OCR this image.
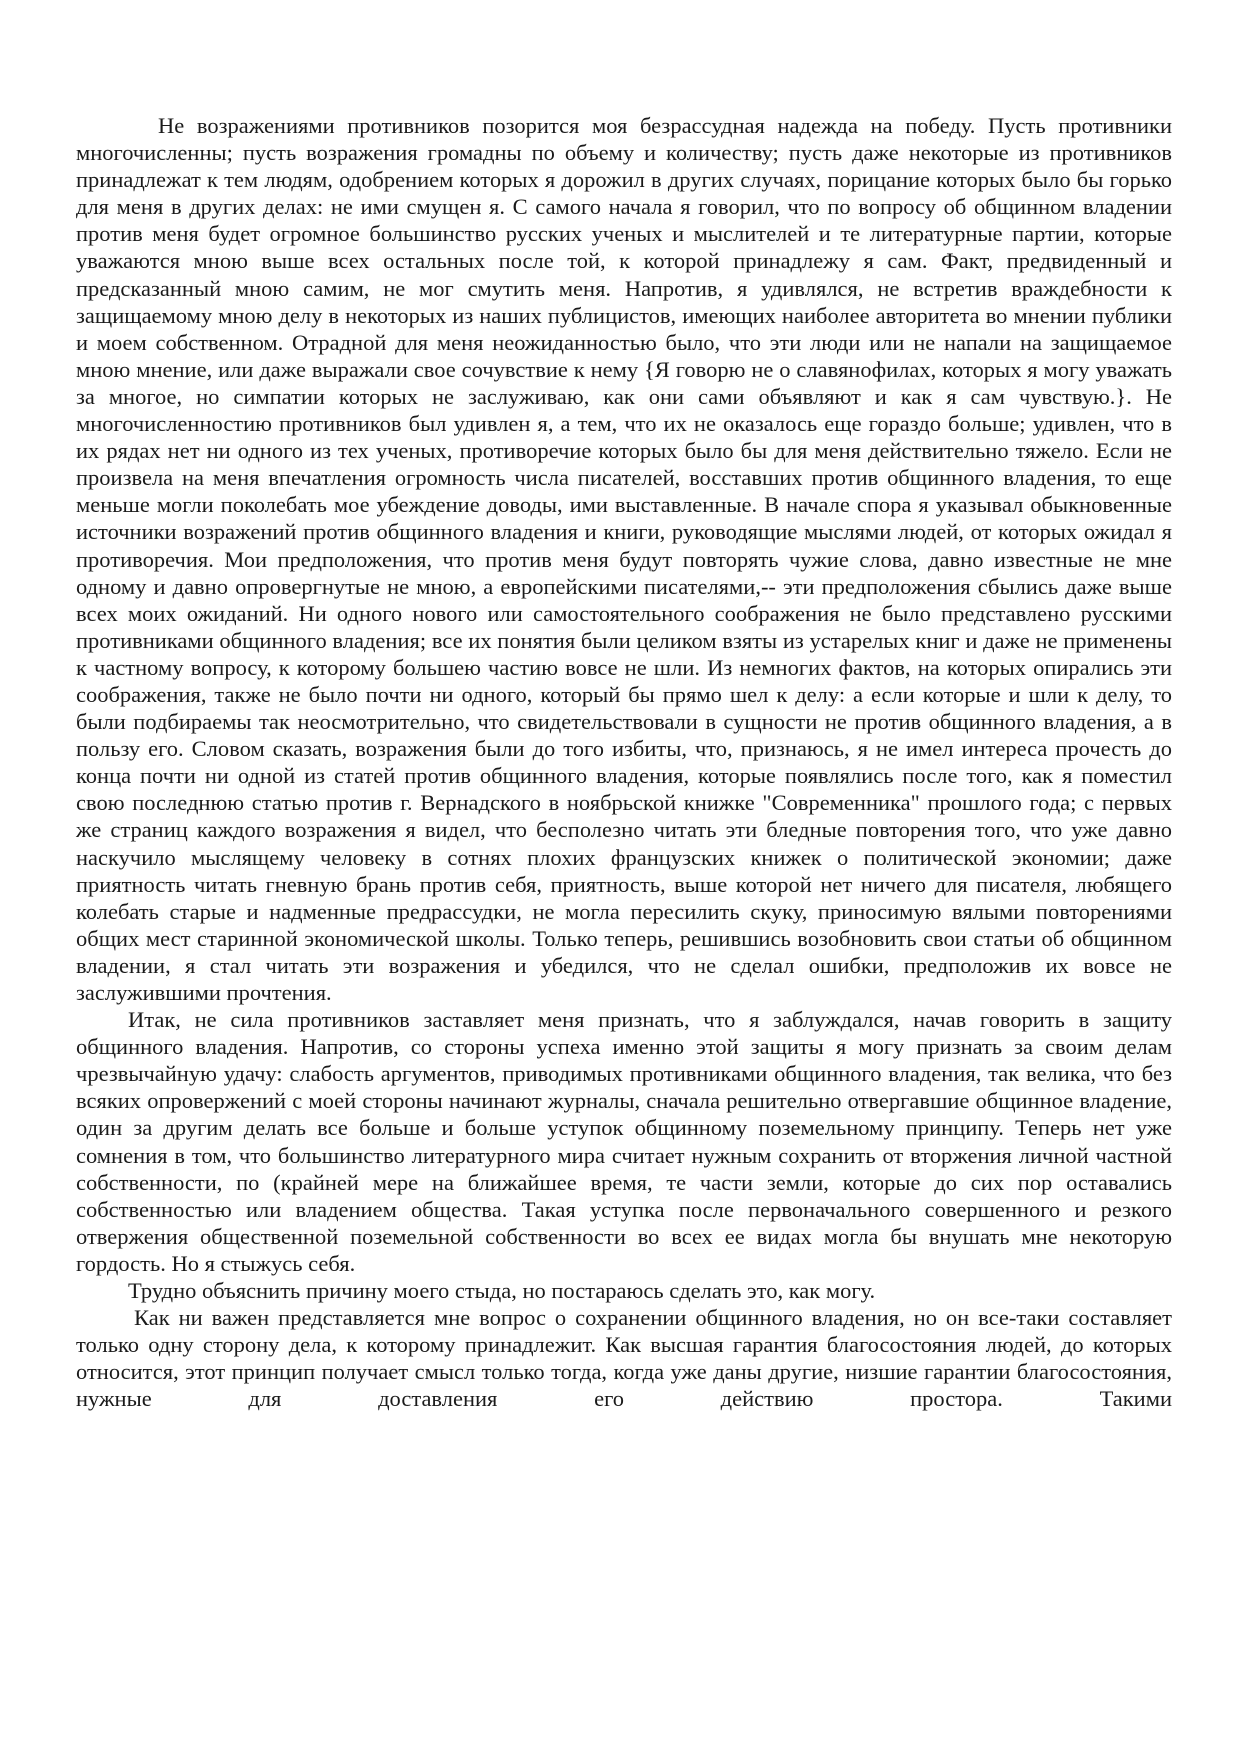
Не возражениями противников позорится моя безрассудная надежда на победу. Пусть противники многочисленны; пусть возражения громадны по объему и количеству; пусть даже некоторые из противников принадлежат к тем людям, одобрением которых я дорожил в других случаях, порицание которых было бы горько для меня в других делах: не ими смущен я. С самого начала я говорил, что по вопросу об общинном владении против меня будет огромное большинство русских ученых и мыслителей и те литературные партии, которые уважаются мною выше всех остальных после той, к которой принадлежу я сам. Факт, предвиденный и предсказанный мною самим, не мог смутить меня. Напротив, я удивлялся, не встретив враждебности к защищаемому мною делу в некоторых из наших публицистов, имеющих наиболее авторитета во мнении публики и моем собственном. Отрадной для меня неожиданностью было, что эти люди или не напали на защищаемое мною мнение, или даже выражали свое сочувствие к нему {Я говорю не о славянофилах, которых я могу уважать за многое, но симпатии которых не заслуживаю, как они сами объявляют и как я сам чувствую.}. Не многочисленностию противников был удивлен я, а тем, что их не оказалось еще гораздо больше; удивлен, что в их рядах нет ни одного из тех ученых, противоречие которых было бы для меня действительно тяжело. Если не произвела на меня впечатления огромность числа писателей, восставших против общинного владения, то еще меньше могли поколебать мое убеждение доводы, ими выставленные. В начале спора я указывал обыкновенные источники возражений против общинного владения и книги, руководящие мыслями людей, от которых ожидал я противоречия. Мои предположения, что против меня будут повторять чужие слова, давно известные не мне одному и давно опровергнутые не мною, а европейскими писателями,-- эти предположения сбылись даже выше всех моих ожиданий. Ни одного нового или самостоятельного соображения не было представлено русскими противниками общинного владения; все их понятия были целиком взяты из устарелых книг и даже не применены к частному вопросу, к которому большею частию вовсе не шли. Из немногих фактов, на которых опирались эти соображения, также не было почти ни одного, который бы прямо шел к делу: а если которые и шли к делу, то были подбираемы так неосмотрительно, что свидетельствовали в сущности не против общинного владения, а в пользу его. Словом сказать, возражения были до того избиты, что, признаюсь, я не имел интереса прочесть до конца почти ни одной из статей против общинного владения, которые появлялись после того, как я поместил свою последнюю статью против г. Вернадского в ноябрьской книжке "Современника" прошлого года; с первых же страниц каждого возражения я видел, что бесполезно читать эти бледные повторения того, что уже давно наскучило мыслящему человеку в сотнях плохих французских книжек о политической экономии; даже приятность читать гневную брань против себя, приятность, выше которой нет ничего для писателя, любящего колебать старые и надменные предрассудки, не могла пересилить скуку, приносимую вялыми повторениями общих мест старинной экономической школы. Только теперь, решившись возобновить свои статьи об общинном владении, я стал читать эти возражения и убедился, что не сделал ошибки, предположив их вовсе не заслужившими прочтения.

Итак, не сила противников заставляет меня признать, что я заблуждался, начав говорить в защиту общинного владения. Напротив, со стороны успеха именно этой защиты я могу признать за своим делам чрезвычайную удачу: слабость аргументов, приводимых противниками общинного владения, так велика, что без всяких опровержений с моей стороны начинают журналы, сначала решительно отвергавшие общинное владение, один за другим делать все больше и больше уступок общинному поземельному принципу. Теперь нет уже сомнения в том, что большинство литературного мира считает нужным сохранить от вторжения личной частной собственности, по (крайней мере на ближайшее время, те части земли, которые до сих пор оставались собственностью или владением общества. Такая уступка после первоначального совершенного и резкого отвержения общественной поземельной собственности во всех ее видах могла бы внушать мне некоторую гордость. Но я стыжусь себя.

Трудно объяснить причину моего стыда, но постараюсь сделать это, как могу.

Как ни важен представляется мне вопрос о сохранении общинного владения, но он все-таки составляет только одну сторону дела, к которому принадлежит. Как высшая гарантия благосостояния людей, до которых относится, этот принцип получает смысл только тогда, когда уже даны другие, низшие гарантии благосостояния, нужные для доставления его действию простора. Такими
